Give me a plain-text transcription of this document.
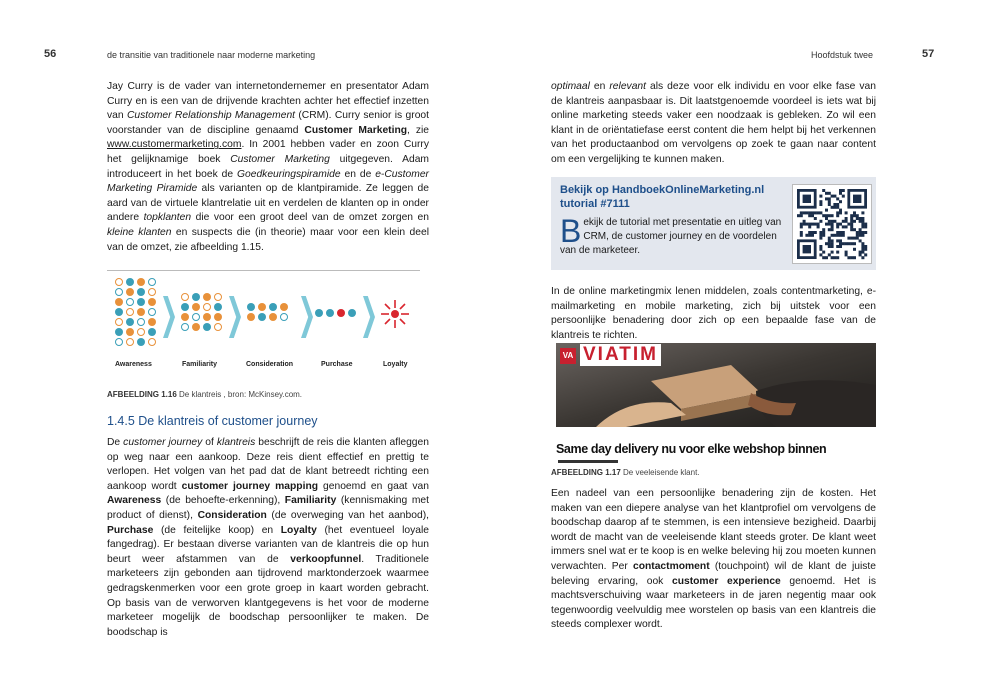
56	de transitie van traditionele naar moderne marketing	Hoofdstuk twee	57

Jay Curry is de vader van internetondernemer en presentator Adam Curry en is een van de drijvende krachten achter het effectief inzetten van Customer Relationship Management (CRM). Curry senior is groot voorstander van de discipline genaamd Customer Marketing, zie www.customermarketing.com. In 2001 hebben vader en zoon Curry het gelijknamige boek Customer Marketing uitgegeven. Adam introduceert in het boek de Goedkeuringspiramide en de e-Customer Marketing Piramide als varianten op de klantpiramide. Ze leggen de aard van de virtuele klantrelatie uit en verdelen de klanten op in onder andere topklanten die voor een groot deel van de omzet zorgen en kleine klanten en suspects die (in theorie) maar voor een klein deel van de omzet, zie afbeelding 1.15.

Awareness	Familiarity	Consideration	Purchase	Loyalty
AFBEELDING 1.16 De klantreis , bron: McKinsey.com.
1.4.5 De klantreis of customer journey

De customer journey of klantreis beschrijft de reis die klanten afleggen op weg naar een aankoop. Deze reis dient effectief en prettig te verlopen. Het volgen van het pad dat de klant betreedt richting een aankoop wordt customer journey mapping genoemd en gaat van Awareness (de behoefte-erkenning), Familiarity (kennismaking met product of dienst), Consideration (de overweging van het aanbod), Purchase (de feitelijke koop) en Loyalty (het eventueel loyale fangedrag). Er bestaan diverse varianten van de klantreis die op hun beurt weer afstammen van de verkoopfunnel. Traditionele marketeers zijn gebonden aan tijdrovend marktonderzoek waarmee gedragskenmerken voor een grote groep in kaart worden gebracht. Op basis van de verworven klantgegevens is het voor de moderne marketeer mogelijk de boodschap persoonlijker te maken. De boodschap is

optimaal en relevant als deze voor elk individu en voor elke fase van de klantreis aanpasbaar is. Dit laatstgenoemde voordeel is iets wat bij online marketing steeds vaker een noodzaak is gebleken. Zo wil een klant in de oriëntatiefase eerst content die hem helpt bij het verkennen van het productaanbod om vervolgens op zoek te gaan naar content om een vergelijking te kunnen maken.

Bekijk op HandboekOnlineMarketing.nl tutorial #7111
Bekijk de tutorial met presentatie en uitleg van CRM, de customer journey en de voordelen van de marketeer.
In de online marketingmix lenen middelen, zoals contentmarketing, e-mailmarketing en mobile marketing, zich bij uitstek voor een persoonlijke benadering door zich op een bepaalde fase van de klantreis te richten.
VA VIATIM
Same day delivery nu voor elke webshop binnen
AFBEELDING 1.17 De veeleisende klant.

Een nadeel van een persoonlijke benadering zijn de kosten. Het maken van een diepere analyse van het klantprofiel om vervolgens de boodschap daarop af te stemmen, is een intensieve bezigheid. Daarbij wordt de macht van de veeleisende klant steeds groter. De klant weet immers snel wat er te koop is en welke beleving hij zou moeten kunnen verwachten. Per contactmoment (touchpoint) wil de klant de juiste beleving ervaring, ook customer experience genoemd. Het is machtsverschuiving waar marketeers in de jaren negentig maar ook tegenwoordig veelvuldig mee worstelen op basis van een klantreis die steeds complexer wordt.
